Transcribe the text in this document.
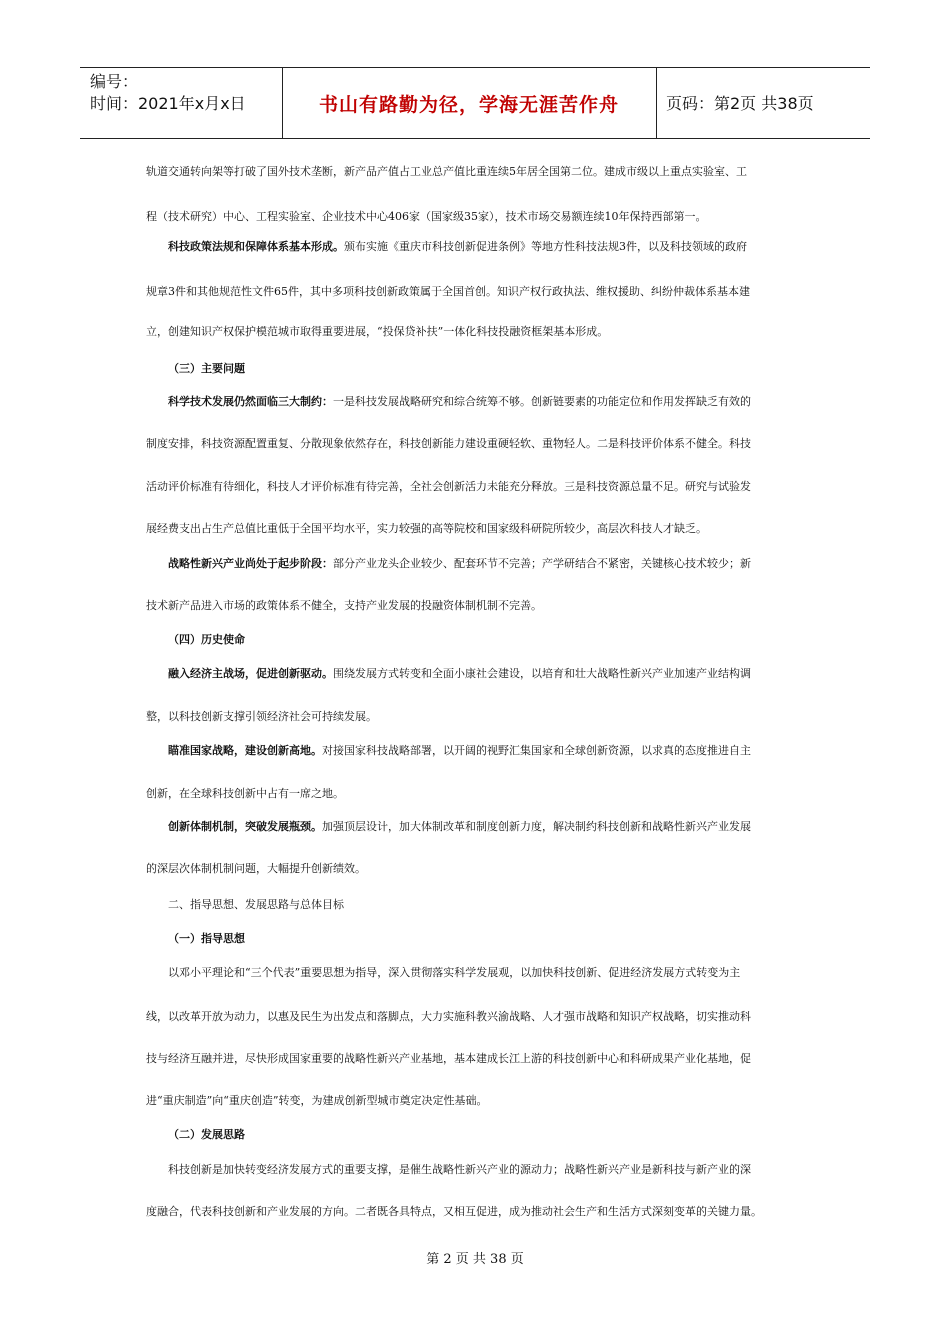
编号：
时间：2021年x月x日	书山有路勤为径，学海无涯苦作舟	页码：第2页 共38页

轨道交通转向架等打破了国外技术垄断，新产品产值占工业总产值比重连续5年居全国第二位。建成市级以上重点实验室、工

程（技术研究）中心、工程实验室、企业技术中心406家（国家级35家），技术市场交易额连续10年保持西部第一。

科技政策法规和保障体系基本形成。颁布实施《重庆市科技创新促进条例》等地方性科技法规3件，以及科技领域的政府

规章3件和其他规范性文件65件，其中多项科技创新政策属于全国首创。知识产权行政执法、维权援助、纠纷仲裁体系基本建

立，创建知识产权保护模范城市取得重要进展，“投保贷补扶”一体化科技投融资框架基本形成。

（三）主要问题

科学技术发展仍然面临三大制约：一是科技发展战略研究和综合统筹不够。创新链要素的功能定位和作用发挥缺乏有效的

制度安排，科技资源配置重复、分散现象依然存在，科技创新能力建设重硬轻软、重物轻人。二是科技评价体系不健全。科技

活动评价标准有待细化，科技人才评价标准有待完善，全社会创新活力未能充分释放。三是科技资源总量不足。研究与试验发

展经费支出占生产总值比重低于全国平均水平，实力较强的高等院校和国家级科研院所较少，高层次科技人才缺乏。

战略性新兴产业尚处于起步阶段：部分产业龙头企业较少、配套环节不完善；产学研结合不紧密，关键核心技术较少；新

技术新产品进入市场的政策体系不健全，支持产业发展的投融资体制机制不完善。

（四）历史使命

融入经济主战场，促进创新驱动。围绕发展方式转变和全面小康社会建设，以培育和壮大战略性新兴产业加速产业结构调

整，以科技创新支撑引领经济社会可持续发展。

瞄准国家战略，建设创新高地。对接国家科技战略部署，以开阔的视野汇集国家和全球创新资源，以求真的态度推进自主

创新，在全球科技创新中占有一席之地。

创新体制机制，突破发展瓶颈。加强顶层设计，加大体制改革和制度创新力度，解决制约科技创新和战略性新兴产业发展

的深层次体制机制问题，大幅提升创新绩效。

二、指导思想、发展思路与总体目标

（一）指导思想

以邓小平理论和“三个代表”重要思想为指导，深入贯彻落实科学发展观，以加快科技创新、促进经济发展方式转变为主

线，以改革开放为动力，以惠及民生为出发点和落脚点，大力实施科教兴渝战略、人才强市战略和知识产权战略，切实推动科

技与经济互融并进，尽快形成国家重要的战略性新兴产业基地，基本建成长江上游的科技创新中心和科研成果产业化基地，促

进“重庆制造”向“重庆创造”转变，为建成创新型城市奠定决定性基础。

（二）发展思路

科技创新是加快转变经济发展方式的重要支撑，是催生战略性新兴产业的源动力；战略性新兴产业是新科技与新产业的深

度融合，代表科技创新和产业发展的方向。二者既各具特点，又相互促进，成为推动社会生产和生活方式深刻变革的关键力量。

第 2 页 共 38 页
